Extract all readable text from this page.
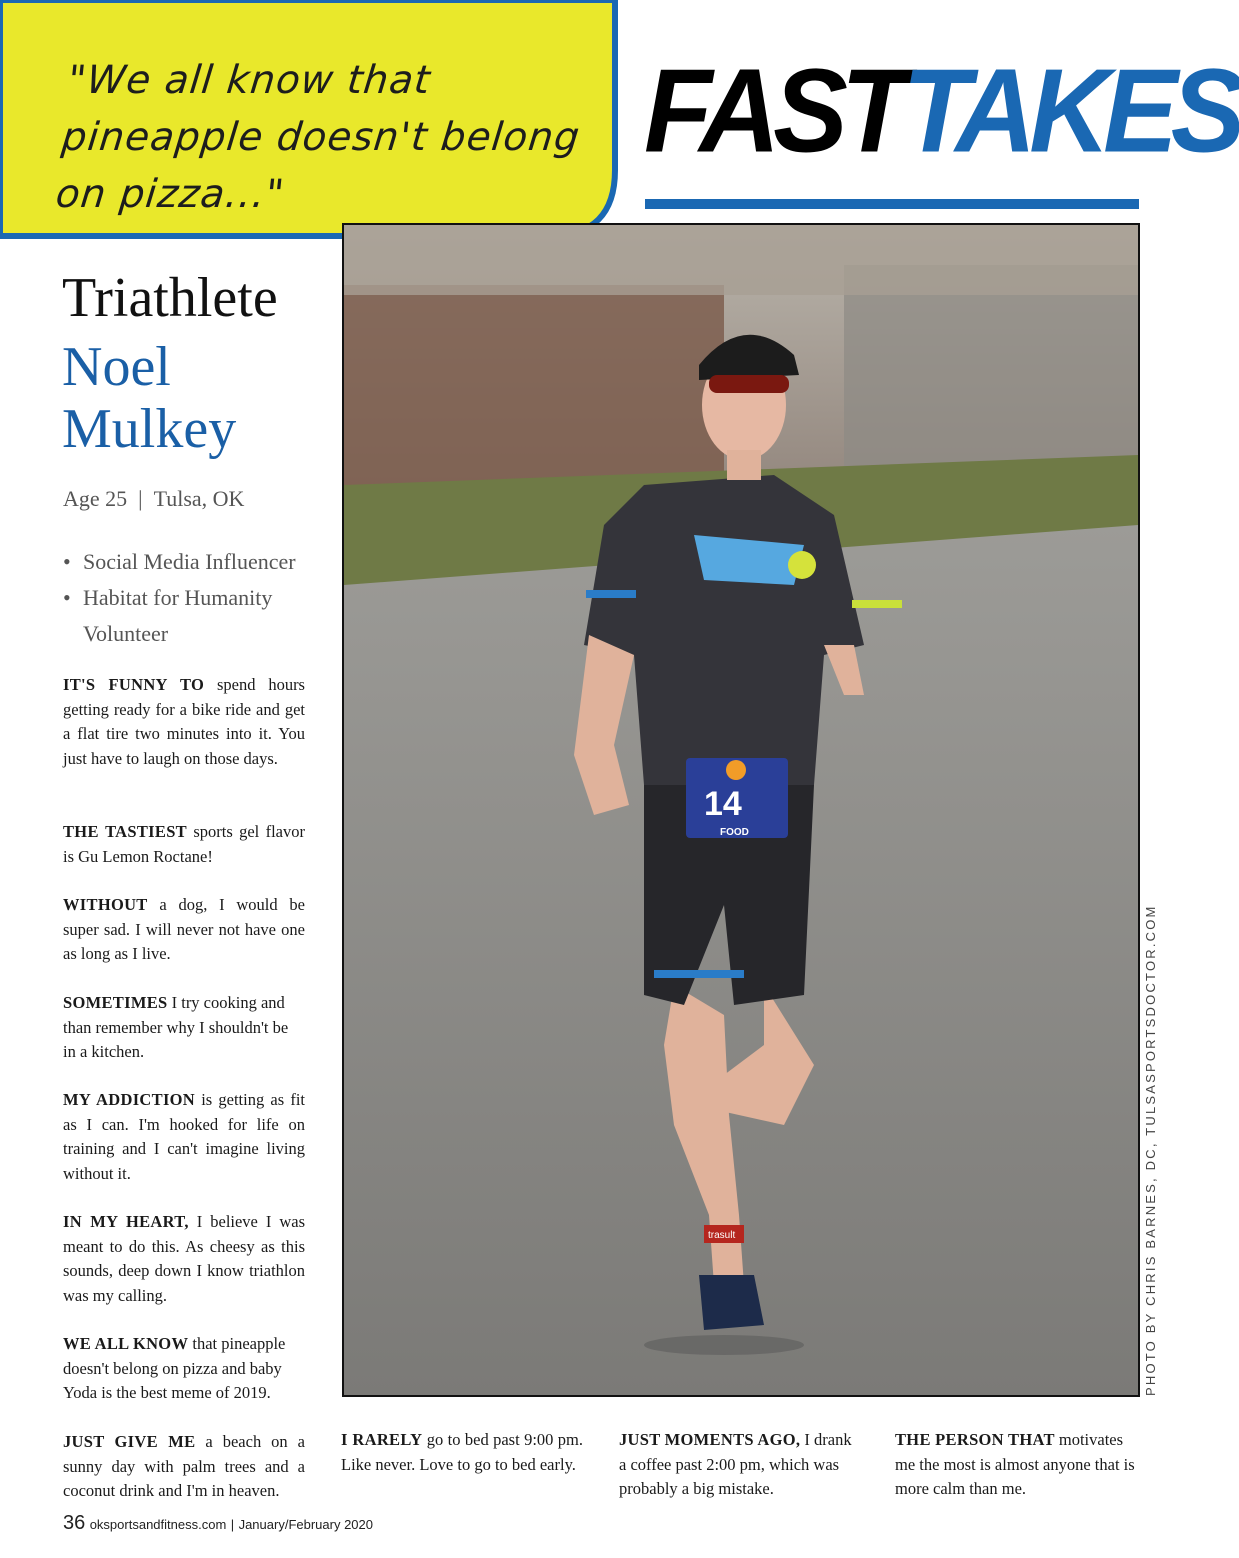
"We all know that pineapple doesn't belong on pizza..."
FASTTAKES
14
FOOD
trasult	PHOTO BY CHRIS BARNES, DC, TULSASPORTSDOCTOR.COM
Triathlete
Noel
Mulkey
Age 25 | Tulsa, OK
• Social Media Influencer
• Habitat for Humanity Volunteer
IT'S FUNNY TO spend hours getting ready for a bike ride and get a flat tire two minutes into it. You just have to laugh on those days.
THE TASTIEST sports gel flavor is Gu Lemon Roctane!
WITHOUT a dog, I would be super sad. I will never not have one as long as I live.
SOMETIMES I try cooking and than remember why I shouldn't be in a kitchen.
MY ADDICTION is getting as fit as I can. I'm hooked for life on training and I can't imagine living without it.
IN MY HEART, I believe I was meant to do this. As cheesy as this sounds, deep down I know triathlon was my calling.
WE ALL KNOW that pineapple doesn't belong on pizza and baby Yoda is the best meme of 2019.
JUST GIVE ME a beach on a sunny day with palm trees and a coconut drink and I'm in heaven.
I RARELY go to bed past 9:00 pm. Like never. Love to go to bed early.
JUST MOMENTS AGO, I drank a coffee past 2:00 pm, which was probably a big mistake.
THE PERSON THAT motivates me the most is almost anyone that is more calm than me.
36 oksportsandfitness.com | January/February 2020
